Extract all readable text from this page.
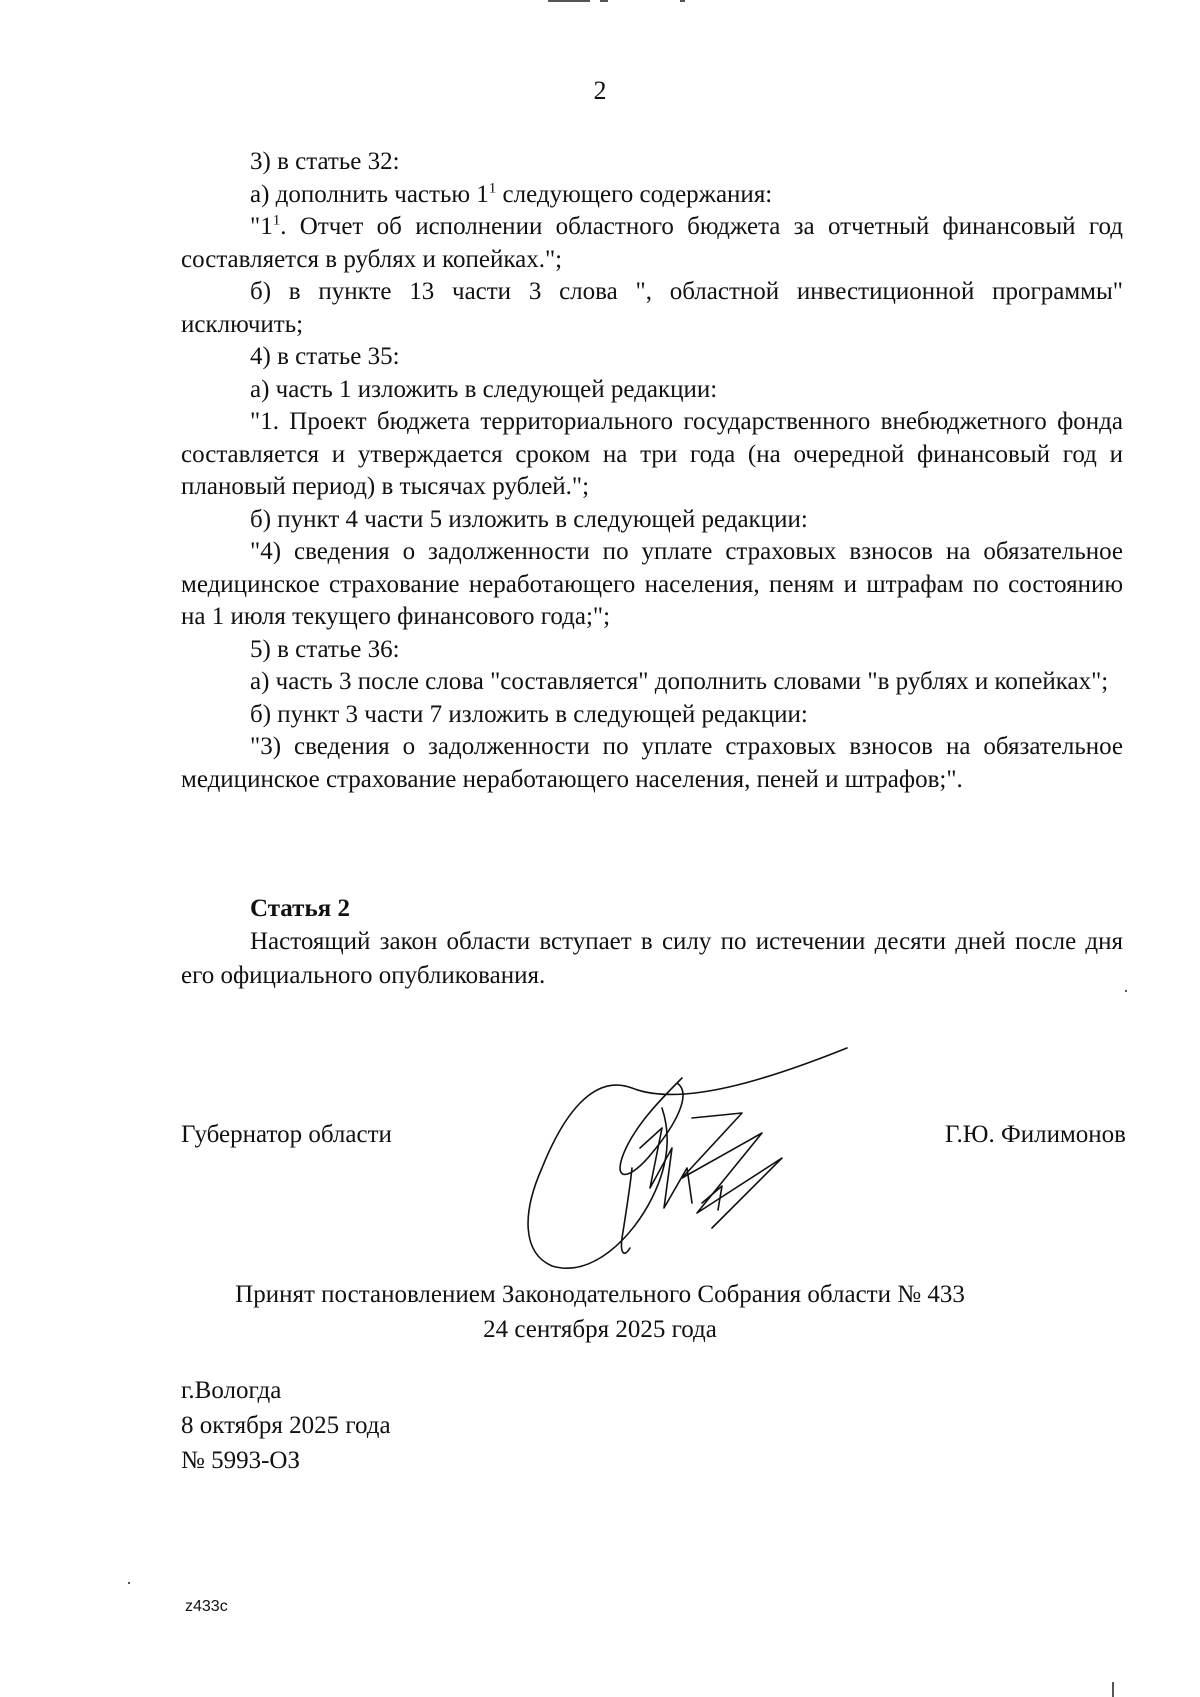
2

3) в статье 32:

а) дополнить частью $1^1$ следующего содержания:

"$1^1$. Отчет об исполнении областного бюджета за отчетный финансовый год составляется в рублях и копейках.";

б) в пункте 13 части 3 слова ", областной инвестиционной программы" исключить;

4) в статье 35:

а) часть 1 изложить в следующей редакции:

"1. Проект бюджета территориального государственного внебюджетного фонда составляется и утверждается сроком на три года (на очередной финансовый год и плановый период) в тысячах рублей.";

б) пункт 4 части 5 изложить в следующей редакции:

"4) сведения о задолженности по уплате страховых взносов на обязательное медицинское страхование неработающего населения, пеням и штрафам по состоянию на 1 июля текущего финансового года;";

5) в статье 36:

а) часть 3 после слова "составляется" дополнить словами "в рублях и копейках";

б) пункт 3 части 7 изложить в следующей редакции:

"3) сведения о задолженности по уплате страховых взносов на обязательное медицинское страхование неработающего населения, пеней и штрафов;".

Статья 2

Настоящий закон области вступает в силу по истечении десяти дней после дня его официального опубликования.

Губернатор области	Г.Ю. Филимонов
Принят постановлением Законодательного Собрания области № 433
24 сентября 2025 года
г.Вологда
8 октября 2025 года
№ 5993-ОЗ
z433c
